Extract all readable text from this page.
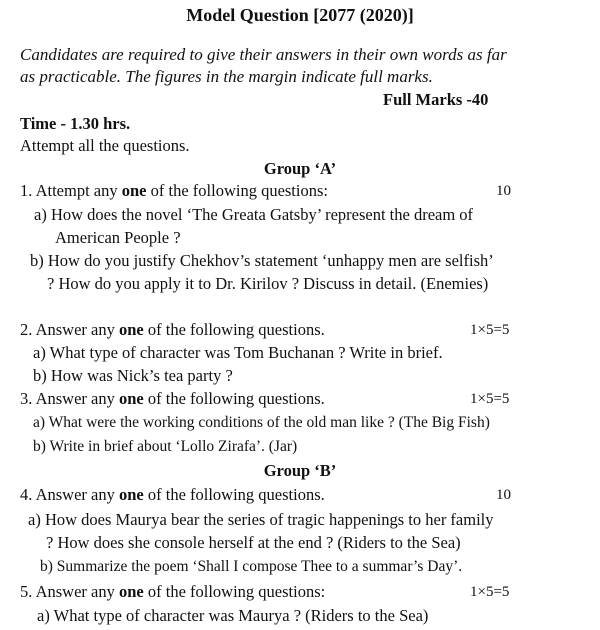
Model Question [2077 (2020)]
Candidates are required to give their answers in their own words as far
as practicable. The figures in the margin indicate full marks.
Full Marks -40
Time - 1.30 hrs.
Attempt all the questions.
Group ‘A’
1. Attempt any one of the following questions:	10
a) How does the novel ‘The Greata Gatsby’ represent the dream of
American People ?
b) How do you justify Chekhov’s statement ‘unhappy men are selfish’
? How do you apply it to Dr. Kirilov ? Discuss in detail. (Enemies)
2. Answer any one of the following questions.	1×5=5
a) What type of character was Tom Buchanan ? Write in brief.
b) How was Nick’s tea party ?
3. Answer any one of the following questions.	1×5=5
a) What were the working conditions of the old man like ? (The Big Fish)
b) Write in brief about ‘Lollo Zirafa’. (Jar)
Group ‘B’
4. Answer any one of the following questions.	10
a) How does Maurya bear the series of tragic happenings to her family
? How does she console herself at the end ? (Riders to the Sea)
b) Summarize the poem ‘Shall I compose Thee to a summar’s Day’.
5. Answer any one of the following questions:	1×5=5
a) What type of character was Maurya ? (Riders to the Sea)
